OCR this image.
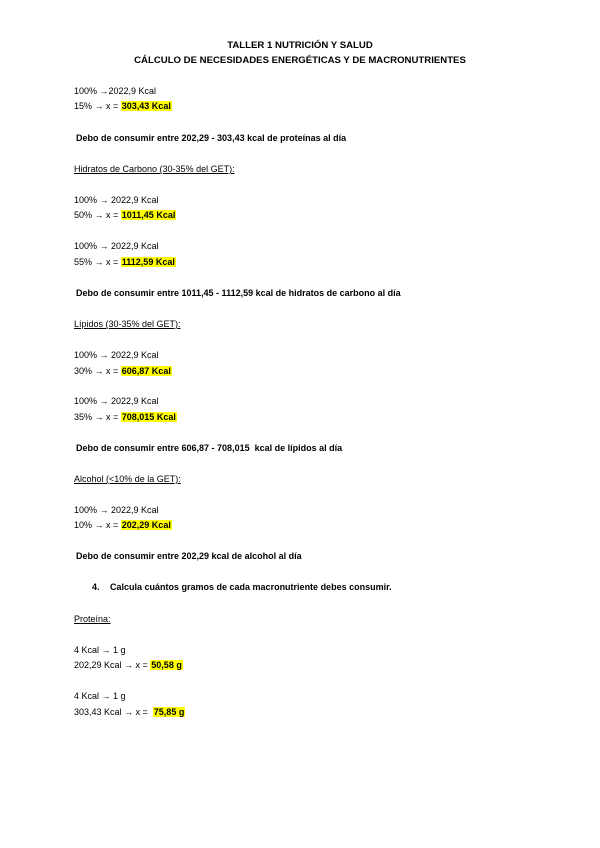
TALLER 1 NUTRICIÓN Y SALUD
CÁLCULO DE NECESIDADES ENERGÉTICAS Y DE MACRONUTRIENTES
100% →2022,9 Kcal
15% → x = 303,43 Kcal
Debo de consumir entre 202,29 - 303,43 kcal de proteínas al día
Hidratos de Carbono (30-35% del GET):
100% → 2022,9 Kcal
50% → x = 1011,45 Kcal
100% → 2022,9 Kcal
55% → x = 1112,59 Kcal
Debo de consumir entre 1011,45 - 1112,59 kcal de hidratos de carbono al día
Lípidos (30-35% del GET):
100% → 2022,9 Kcal
30% → x = 606,87 Kcal
100% → 2022,9 Kcal
35% → x = 708,015 Kcal
Debo de consumir entre 606,87 - 708,015  kcal de lípidos al día
Alcohol (<10% de la GET):
100% → 2022,9 Kcal
10% → x = 202,29 Kcal
Debo de consumir entre 202,29 kcal de alcohol al día
4. Calcula cuántos gramos de cada macronutriente debes consumir.
Proteína:
4 Kcal → 1 g
202,29 Kcal → x = 50,58 g
4 Kcal → 1 g
303,43 Kcal → x =  75,85 g
